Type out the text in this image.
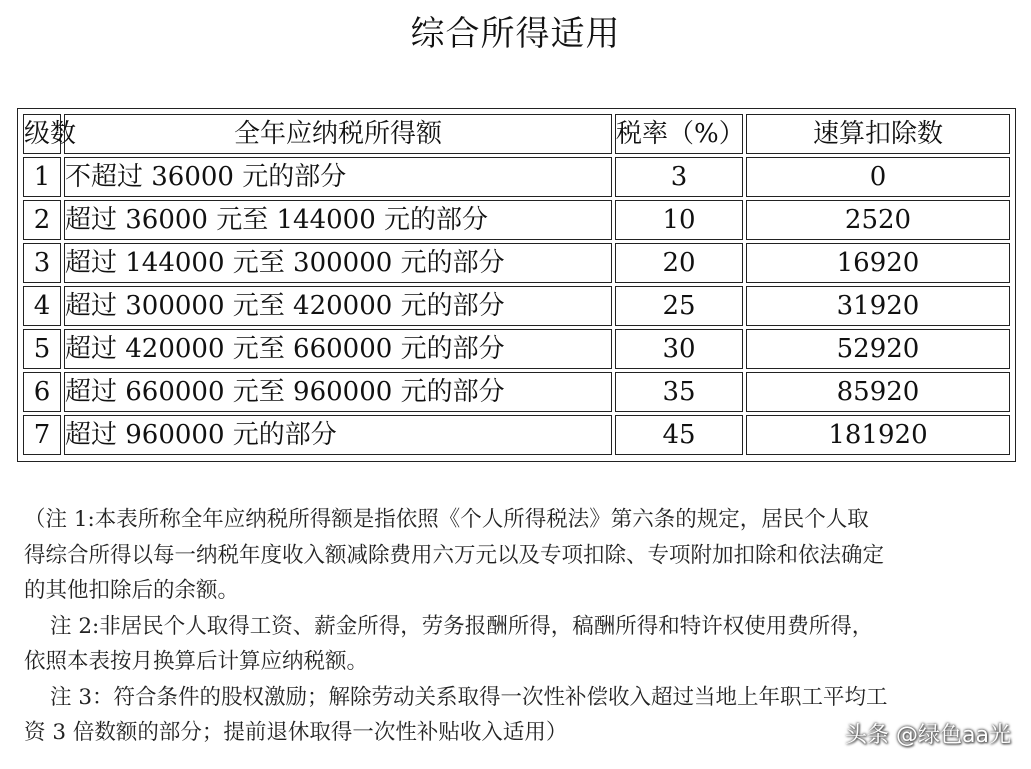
综合所得适用
级数	全年应纳税所得额	税率（%）	速算扣除数
1	不超过 36000 元的部分	3	0
2	超过 36000 元至 144000 元的部分	10	2520
3	超过 144000 元至 300000 元的部分	20	16920
4	超过 300000 元至 420000 元的部分	25	31920
5	超过 420000 元至 660000 元的部分	30	52920
6	超过 660000 元至 960000 元的部分	35	85920
7	超过 960000 元的部分	45	181920

（注 1:本表所称全年应纳税所得额是指依照《个人所得税法》第六条的规定，居民个人取

得综合所得以每一纳税年度收入额减除费用六万元以及专项扣除、专项附加扣除和依法确定

的其他扣除后的余额。

注 2:非居民个人取得工资、薪金所得，劳务报酬所得，稿酬所得和特许权使用费所得，

依照本表按月换算后计算应纳税额。

注 3：符合条件的股权激励；解除劳动关系取得一次性补偿收入超过当地上年职工平均工

资 3 倍数额的部分；提前退休取得一次性补贴收入适用）	头条 @绿色aa光
